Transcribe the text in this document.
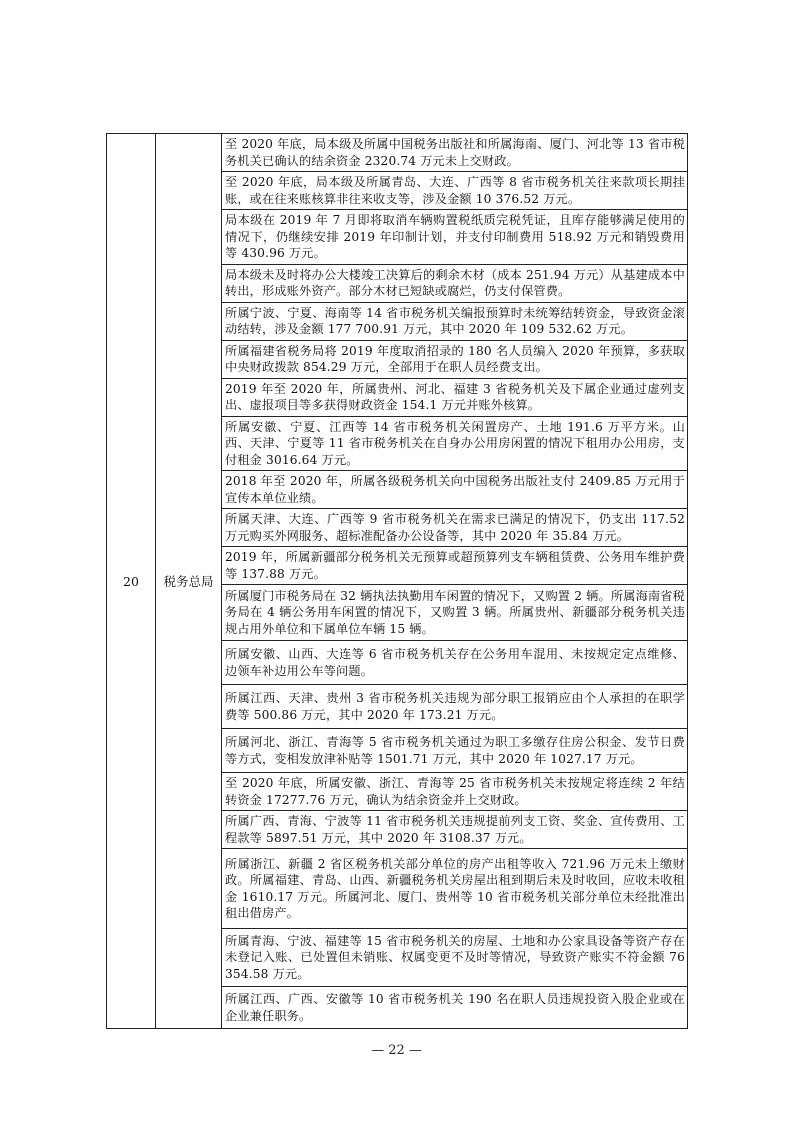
20	税务总局	至 2020 年底，局本级及所属中国税务出版社和所属海南、厦门、河北等 13 省市税务机关已确认的结余资金 2320.74 万元未上交财政。
至 2020 年底，局本级及所属青岛、大连、广西等 8 省市税务机关往来款项长期挂账，或在往来账核算非往来收支等，涉及金额 10 376.52 万元。
局本级在 2019 年 7 月即将取消车辆购置税纸质完税凭证，且库存能够满足使用的情况下，仍继续安排 2019 年印制计划，并支付印制费用 518.92 万元和销毁费用等 430.96 万元。
局本级未及时将办公大楼竣工决算后的剩余木材（成本 251.94 万元）从基建成本中转出，形成账外资产。部分木材已短缺或腐烂，仍支付保管费。
所属宁波、宁夏、海南等 14 省市税务机关编报预算时未统筹结转资金，导致资金滚动结转，涉及金额 177 700.91 万元，其中 2020 年 109 532.62 万元。
所属福建省税务局将 2019 年度取消招录的 180 名人员编入 2020 年预算，多获取中央财政拨款 854.29 万元，全部用于在职人员经费支出。
2019 年至 2020 年，所属贵州、河北、福建 3 省税务机关及下属企业通过虚列支出、虚报项目等多获得财政资金 154.1 万元并账外核算。
所属安徽、宁夏、江西等 14 省市税务机关闲置房产、土地 191.6 万平方米。山西、天津、宁夏等 11 省市税务机关在自身办公用房闲置的情况下租用办公用房，支付租金 3016.64 万元。
2018 年至 2020 年，所属各级税务机关向中国税务出版社支付 2409.85 万元用于宣传本单位业绩。
所属天津、大连、广西等 9 省市税务机关在需求已满足的情况下，仍支出 117.52 万元购买外网服务、超标准配备办公设备等，其中 2020 年 35.84 万元。
2019 年，所属新疆部分税务机关无预算或超预算列支车辆租赁费、公务用车维护费等 137.88 万元。
所属厦门市税务局在 32 辆执法执勤用车闲置的情况下，又购置 2 辆。所属海南省税务局在 4 辆公务用车闲置的情况下，又购置 3 辆。所属贵州、新疆部分税务机关违规占用外单位和下属单位车辆 15 辆。
所属安徽、山西、大连等 6 省市税务机关存在公务用车混用、未按规定定点维修、边领车补边用公车等问题。
所属江西、天津、贵州 3 省市税务机关违规为部分职工报销应由个人承担的在职学费等 500.86 万元，其中 2020 年 173.21 万元。
所属河北、浙江、青海等 5 省市税务机关通过为职工多缴存住房公积金、发节日费等方式，变相发放津补贴等 1501.71 万元，其中 2020 年 1027.17 万元。
至 2020 年底，所属安徽、浙江、青海等 25 省市税务机关未按规定将连续 2 年结转资金 17277.76 万元，确认为结余资金并上交财政。
所属广西、青海、宁波等 11 省市税务机关违规提前列支工资、奖金、宣传费用、工程款等 5897.51 万元，其中 2020 年 3108.37 万元。
所属浙江、新疆 2 省区税务机关部分单位的房产出租等收入 721.96 万元未上缴财政。所属福建、青岛、山西、新疆税务机关房屋出租到期后未及时收回，应收未收租金 1610.17 万元。所属河北、厦门、贵州等 10 省市税务机关部分单位未经批准出租出借房产。
所属青海、宁波、福建等 15 省市税务机关的房屋、土地和办公家具设备等资产存在未登记入账、已处置但未销账、权属变更不及时等情况，导致资产账实不符金额 76 354.58 万元。
所属江西、广西、安徽等 10 省市税务机关 190 名在职人员违规投资入股企业或在企业兼任职务。
— 22 —
